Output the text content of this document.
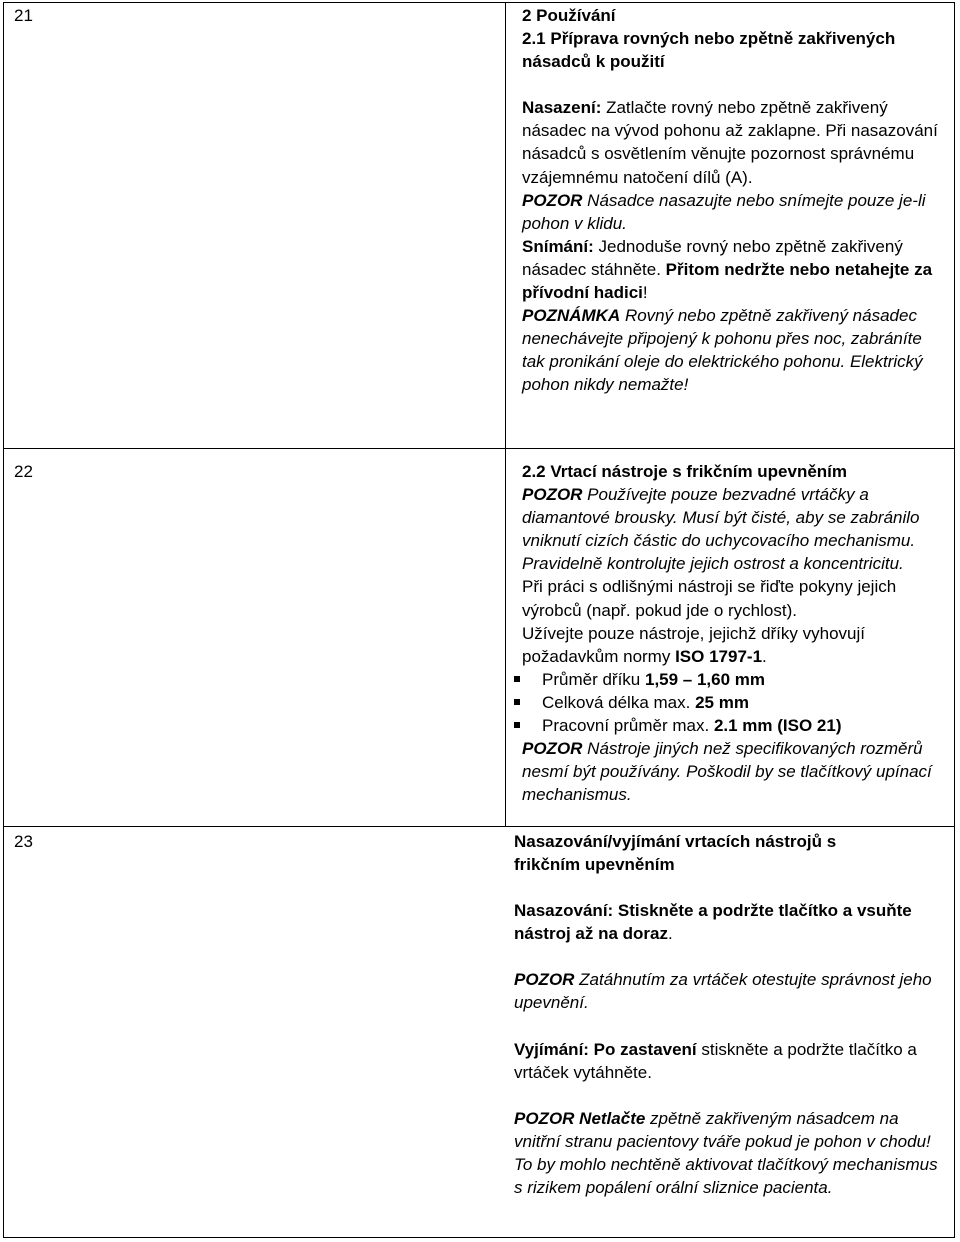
21	2 Používání

2.1 Příprava rovných nebo zpětně zakřivených násadců k použití

Nasazení: Zatlačte rovný nebo zpětně zakřivený násadec na vývod pohonu až zaklapne. Při nasazování násadců s osvětlením věnujte pozornost správnému vzájemnému natočení dílů (A).

POZOR Násadce nasazujte nebo snímejte pouze je-li pohon v klidu.

Snímání: Jednoduše rovný nebo zpětně zakřivený násadec stáhněte. Přitom nedržte nebo netahejte za přívodní hadici!

POZNÁMKA Rovný nebo zpětně zakřivený násadec nenechávejte připojený k pohonu přes noc, zabráníte tak pronikání oleje do elektrického pohonu. Elektrický pohon nikdy nemažte!

22	2.2 Vrtací nástroje s frikčním upevněním

POZOR Používejte pouze bezvadné vrtáčky a diamantové brousky. Musí být čisté, aby se zabránilo vniknutí cizích částic do uchycovacího mechanismu. Pravidelně kontrolujte jejich ostrost a koncentricitu.

Při práci s odlišnými nástroji se řiďte pokyny jejich výrobců (např. pokud jde o rychlost).

Užívejte pouze nástroje, jejichž dříky vyhovují požadavkům normy ISO 1797-1.

Průměr dříku 1,59 – 1,60 mm

Celková délka max. 25 mm

Pracovní průměr max. 2.1 mm (ISO 21)

POZOR Nástroje jiných než specifikovaných rozměrů nesmí být používány. Poškodil by se tlačítkový upínací mechanismus.

23	Nasazování/vyjímání vrtacích nástrojů s frikčním upevněním

Nasazování: Stiskněte a podržte tlačítko a vsuňte nástroj až na doraz.

POZOR Zatáhnutím za vrtáček otestujte správnost jeho upevnění.

Vyjímání: Po zastavení stiskněte a podržte tlačítko a vrtáček vytáhněte.

POZOR Netlačte zpětně zakřiveným násadcem na vnitřní stranu pacientovy tváře pokud je pohon v chodu! To by mohlo nechtěně aktivovat tlačítkový mechanismus s rizikem popálení orální sliznice pacienta.
